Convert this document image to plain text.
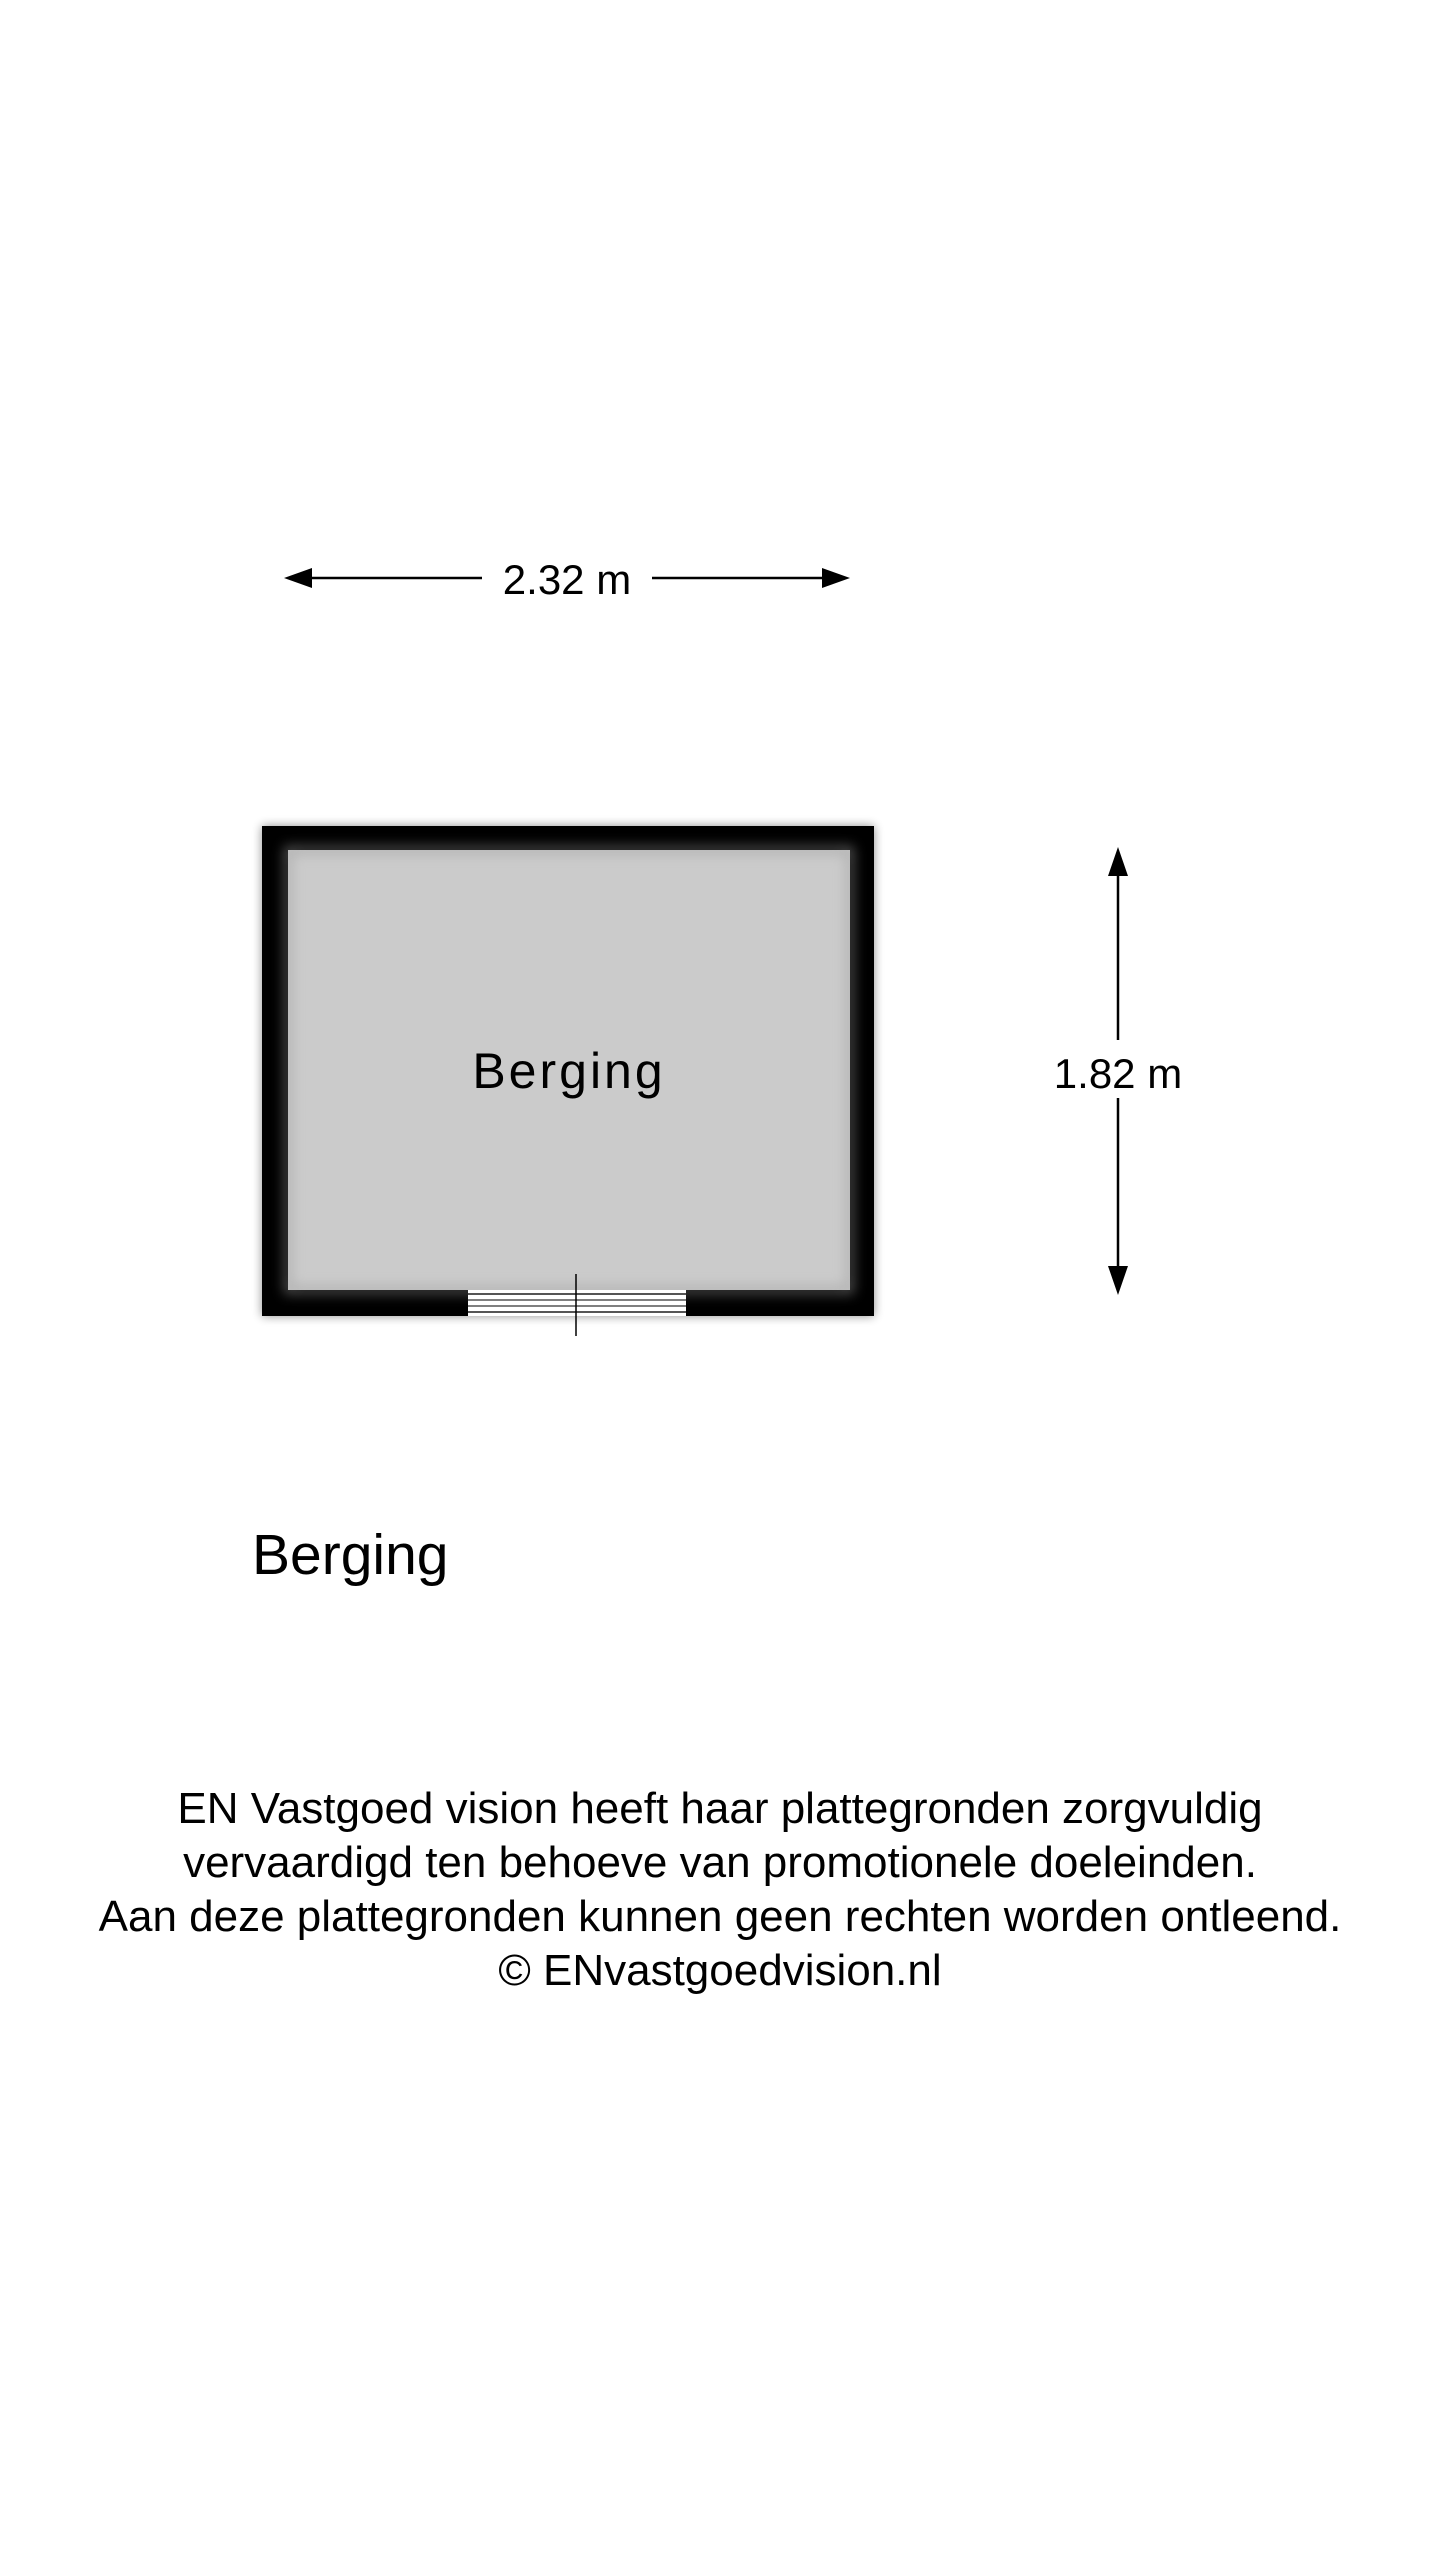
2.32 m
1.82 m
Berging
Berging
EN Vastgoed vision heeft haar plattegronden zorgvuldig
vervaardigd ten behoeve van promotionele doeleinden.
Aan deze plattegronden kunnen geen rechten worden ontleend.
© ENvastgoedvision.nl
